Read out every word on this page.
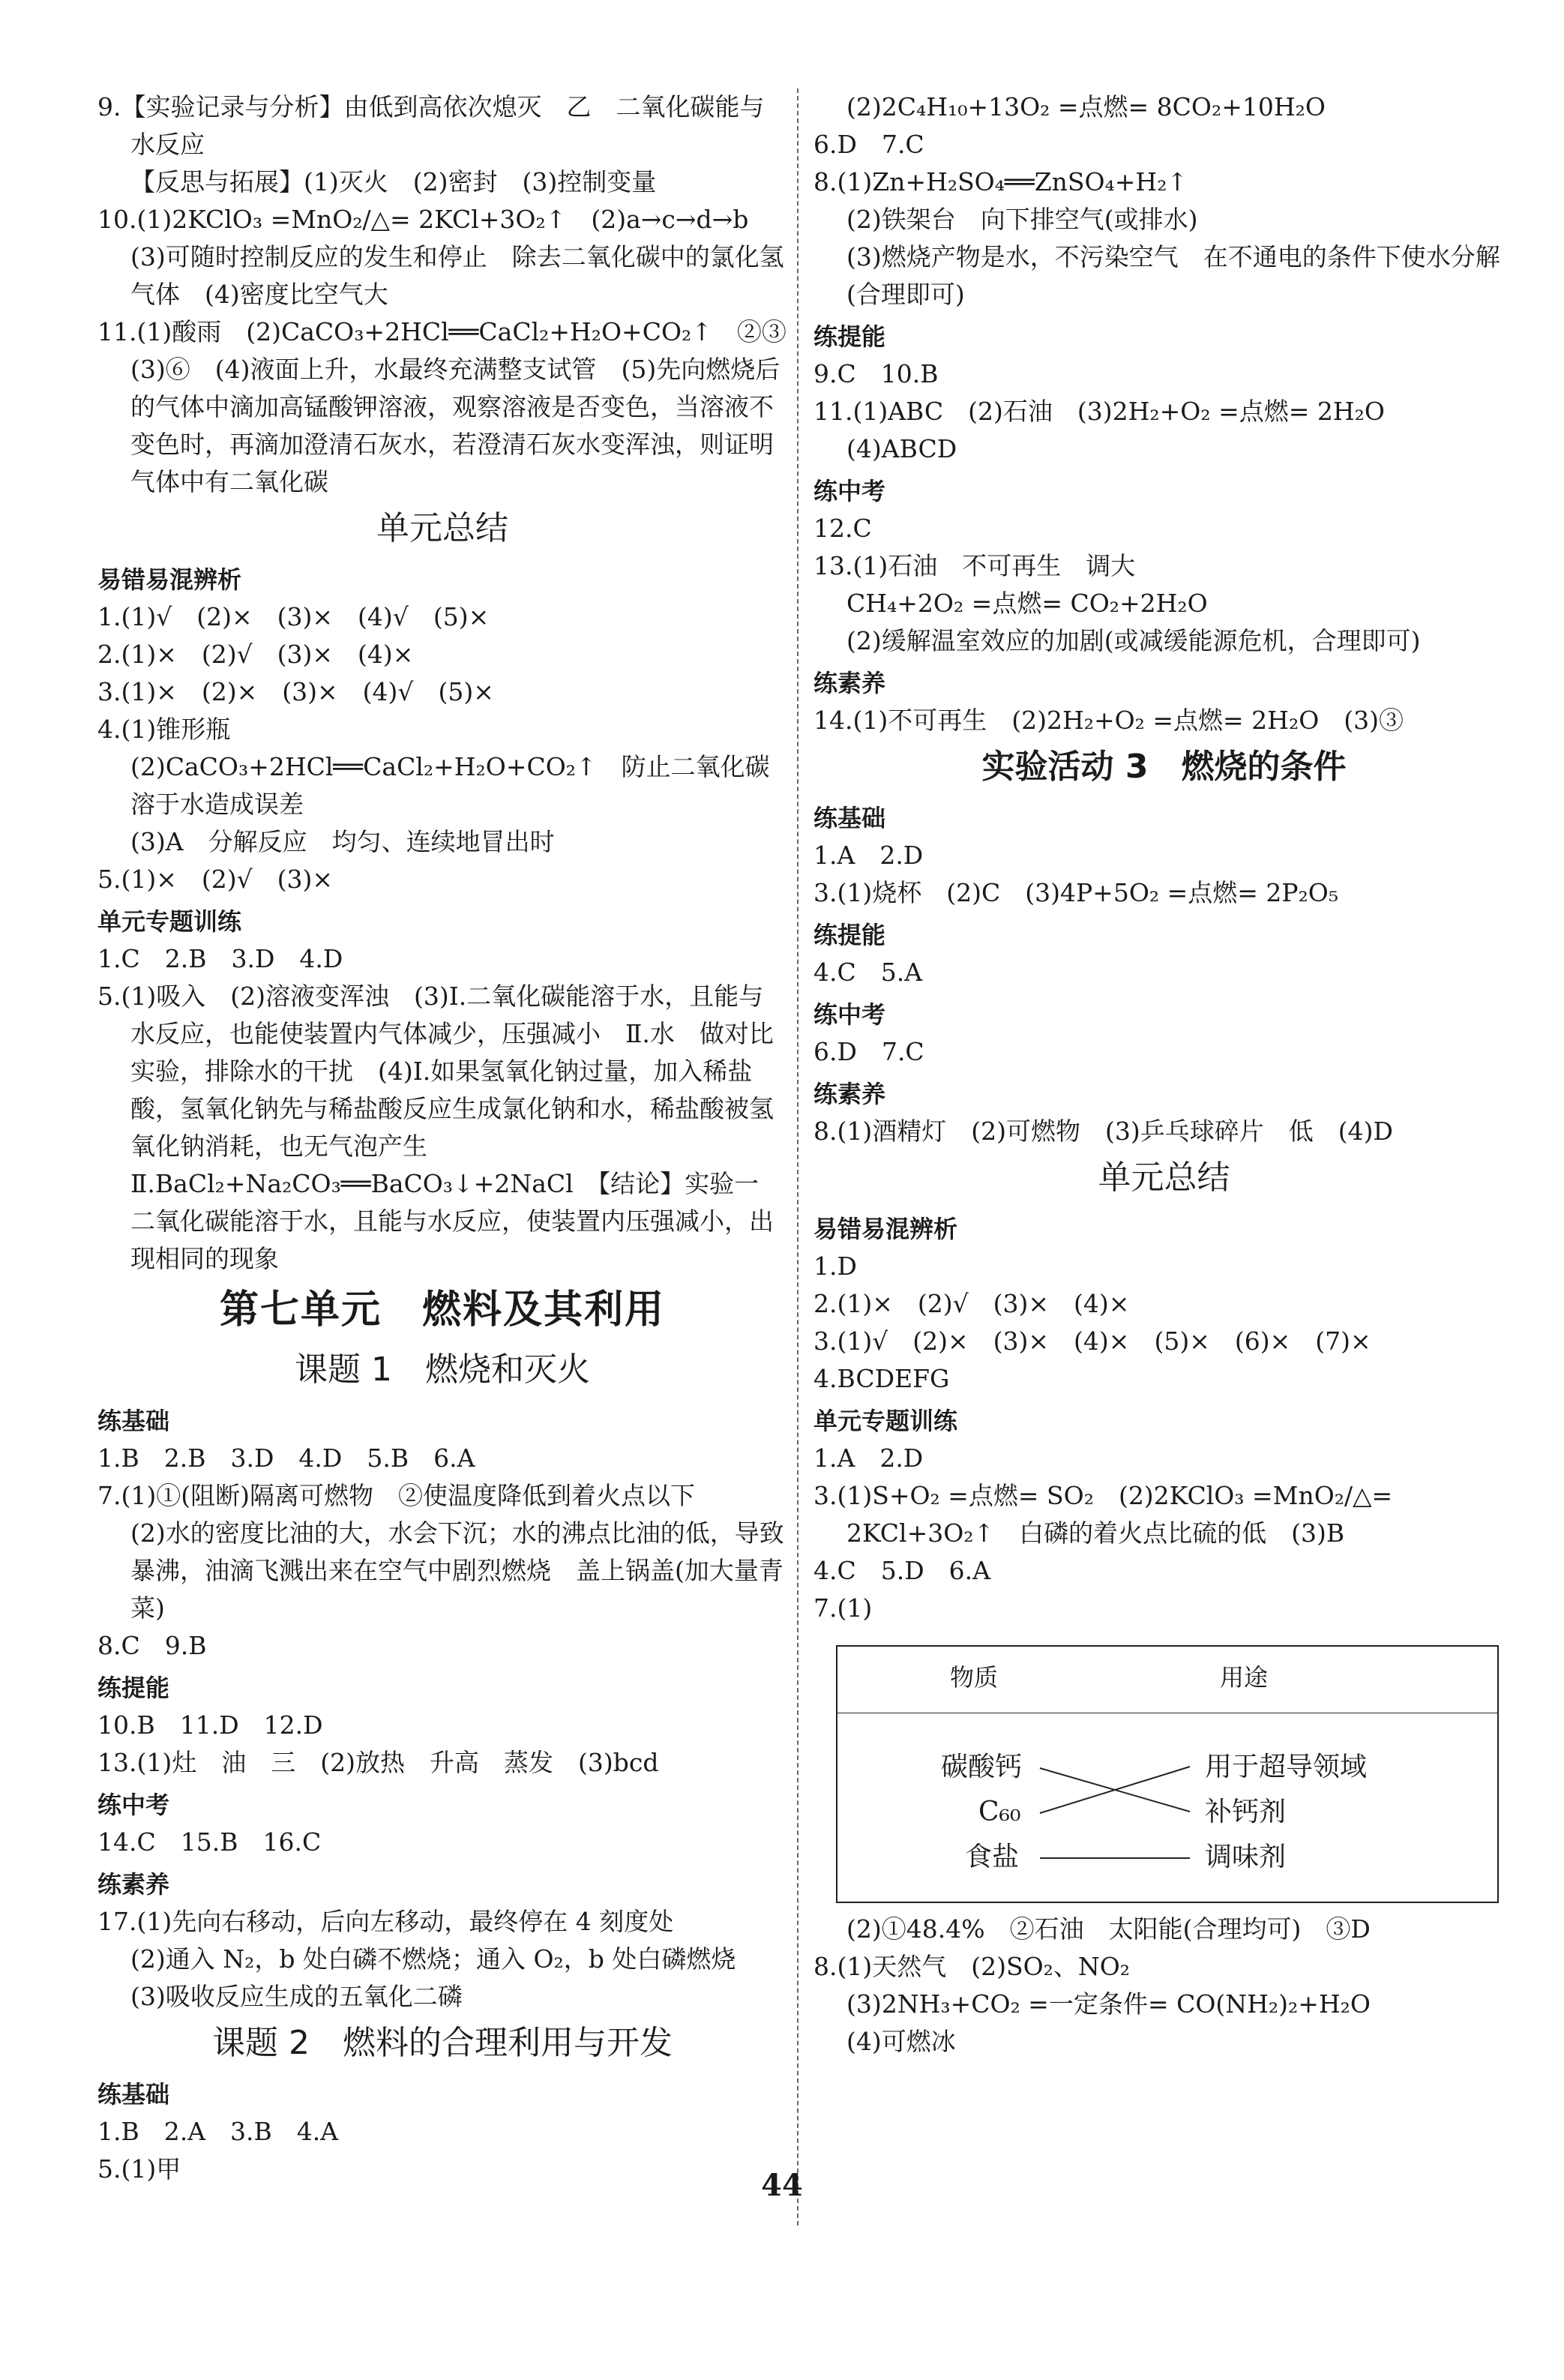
9.【实验记录与分析】由低到高依次熄灭　乙　二氧化碳能与水反应

【反思与拓展】(1)灭火　(2)密封　(3)控制变量

10.(1)2KClO₃ =MnO₂/△= 2KCl+3O₂↑　(2)a→c→d→b

(3)可随时控制反应的发生和停止　除去二氧化碳中的氯化氢气体　(4)密度比空气大

11.(1)酸雨　(2)CaCO₃+2HCl══CaCl₂+H₂O+CO₂↑　②③　(3)⑥　(4)液面上升，水最终充满整支试管　(5)先向燃烧后的气体中滴加高锰酸钾溶液，观察溶液是否变色，当溶液不变色时，再滴加澄清石灰水，若澄清石灰水变浑浊，则证明气体中有二氧化碳

单元总结

易错易混辨析

1.(1)√　(2)×　(3)×　(4)√　(5)×

2.(1)×　(2)√　(3)×　(4)×

3.(1)×　(2)×　(3)×　(4)√　(5)×

4.(1)锥形瓶

(2)CaCO₃+2HCl══CaCl₂+H₂O+CO₂↑　防止二氧化碳溶于水造成误差

(3)A　分解反应　均匀、连续地冒出时

5.(1)×　(2)√　(3)×

单元专题训练

1.C　2.B　3.D　4.D

5.(1)吸入　(2)溶液变浑浊　(3)Ⅰ.二氧化碳能溶于水，且能与水反应，也能使装置内气体减少，压强减小　Ⅱ.水　做对比实验，排除水的干扰　(4)Ⅰ.如果氢氧化钠过量，加入稀盐酸，氢氧化钠先与稀盐酸反应生成氯化钠和水，稀盐酸被氢氧化钠消耗，也无气泡产生　Ⅱ.BaCl₂+Na₂CO₃══BaCO₃↓+2NaCl　【结论】实验一　二氧化碳能溶于水，且能与水反应，使装置内压强减小，出现相同的现象

第七单元　燃料及其利用

课题 1　燃烧和灭火

练基础

1.B　2.B　3.D　4.D　5.B　6.A

7.(1)①(阻断)隔离可燃物　②使温度降低到着火点以下

(2)水的密度比油的大，水会下沉；水的沸点比油的低，导致暴沸，油滴飞溅出来在空气中剧烈燃烧　盖上锅盖(加大量青菜)

8.C　9.B

练提能

10.B　11.D　12.D

13.(1)灶　油　三　(2)放热　升高　蒸发　(3)bcd

练中考

14.C　15.B　16.C

练素养

17.(1)先向右移动，后向左移动，最终停在 4 刻度处

(2)通入 N₂，b 处白磷不燃烧；通入 O₂，b 处白磷燃烧

(3)吸收反应生成的五氧化二磷

课题 2　燃料的合理利用与开发

练基础

1.B　2.A　3.B　4.A

5.(1)甲

(2)2C₄H₁₀+13O₂ =点燃= 8CO₂+10H₂O

6.D　7.C

8.(1)Zn+H₂SO₄══ZnSO₄+H₂↑

(2)铁架台　向下排空气(或排水)

(3)燃烧产物是水，不污染空气　在不通电的条件下使水分解(合理即可)

练提能

9.C　10.B

11.(1)ABC　(2)石油　(3)2H₂+O₂ =点燃= 2H₂O

(4)ABCD

练中考

12.C

13.(1)石油　不可再生　调大

CH₄+2O₂ =点燃= CO₂+2H₂O

(2)缓解温室效应的加剧(或减缓能源危机，合理即可)

练素养

14.(1)不可再生　(2)2H₂+O₂ =点燃= 2H₂O　(3)③

实验活动 3　燃烧的条件

练基础

1.A　2.D

3.(1)烧杯　(2)C　(3)4P+5O₂ =点燃= 2P₂O₅

练提能

4.C　5.A

练中考

6.D　7.C

练素养

8.(1)酒精灯　(2)可燃物　(3)乒乓球碎片　低　(4)D

单元总结

易错易混辨析

1.D

2.(1)×　(2)√　(3)×　(4)×

3.(1)√　(2)×　(3)×　(4)×　(5)×　(6)×　(7)×

4.BCDEFG

单元专题训练

1.A　2.D

3.(1)S+O₂ =点燃= SO₂　(2)2KClO₃ =MnO₂/△= 2KCl+3O₂↑　白磷的着火点比硫的低　(3)B

4.C　5.D　6.A

7.(1)

物质	用途
碳酸钙
C₆₀
食盐
用于超导领域
补钙剂
调味剂

(2)①48.4%　②石油　太阳能(合理均可)　③D

8.(1)天然气　(2)SO₂、NO₂

(3)2NH₃+CO₂ =一定条件= CO(NH₂)₂+H₂O

(4)可燃冰

44
